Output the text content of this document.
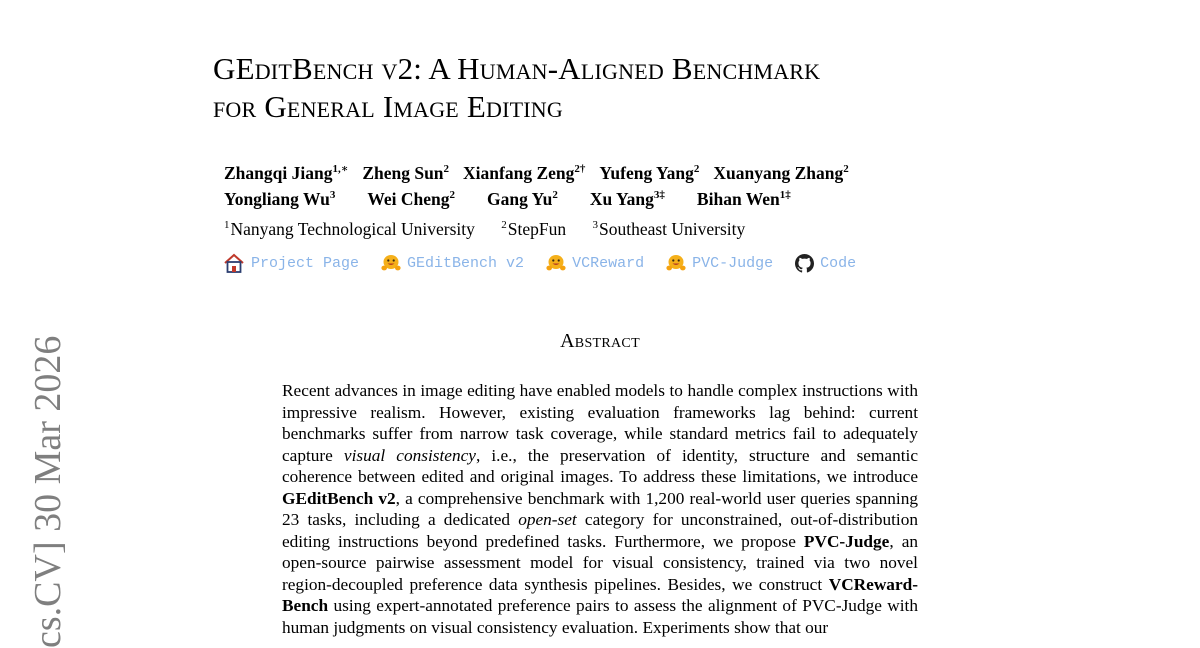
GEditBench v2: A Human-Aligned Benchmark
for General Image Editing
Zhangqi Jiang$^{1,∗}$ Zheng Sun$^2$ Xianfang Zeng$^{2\dagger}$ Yufeng Yang$^2$ Xuanyang Zhang$^2$
Yongliang Wu$^3$ Wei Cheng$^2$ Gang Yu$^2$ Xu Yang$^{3\ddagger}$ Bihan Wen$^{1\ddagger}$
$^1$Nanyang Technological University $^2$StepFun $^3$Southeast University
Project Page	GEditBench v2	VCReward	PVC-Judge	Code
Abstract
Recent advances in image editing have enabled models to handle complex instructions with impressive realism. However, existing evaluation frameworks lag behind: current benchmarks suffer from narrow task coverage, while standard metrics fail to adequately capture visual consistency, i.e., the preservation of identity, structure and semantic coherence between edited and original images. To address these limitations, we introduce GEditBench v2, a comprehensive benchmark with 1,200 real-world user queries spanning 23 tasks, including a dedicated open-set category for unconstrained, out-of-distribution editing instructions beyond predefined tasks. Furthermore, we propose PVC-Judge, an open-source pairwise assessment model for visual consistency, trained via two novel region-decoupled preference data synthesis pipelines. Besides, we construct VCReward-Bench using expert-annotated preference pairs to assess the alignment of PVC-Judge with human judgments on visual consistency evaluation. Experiments show that our
cs.CV] 30 Mar 2026
